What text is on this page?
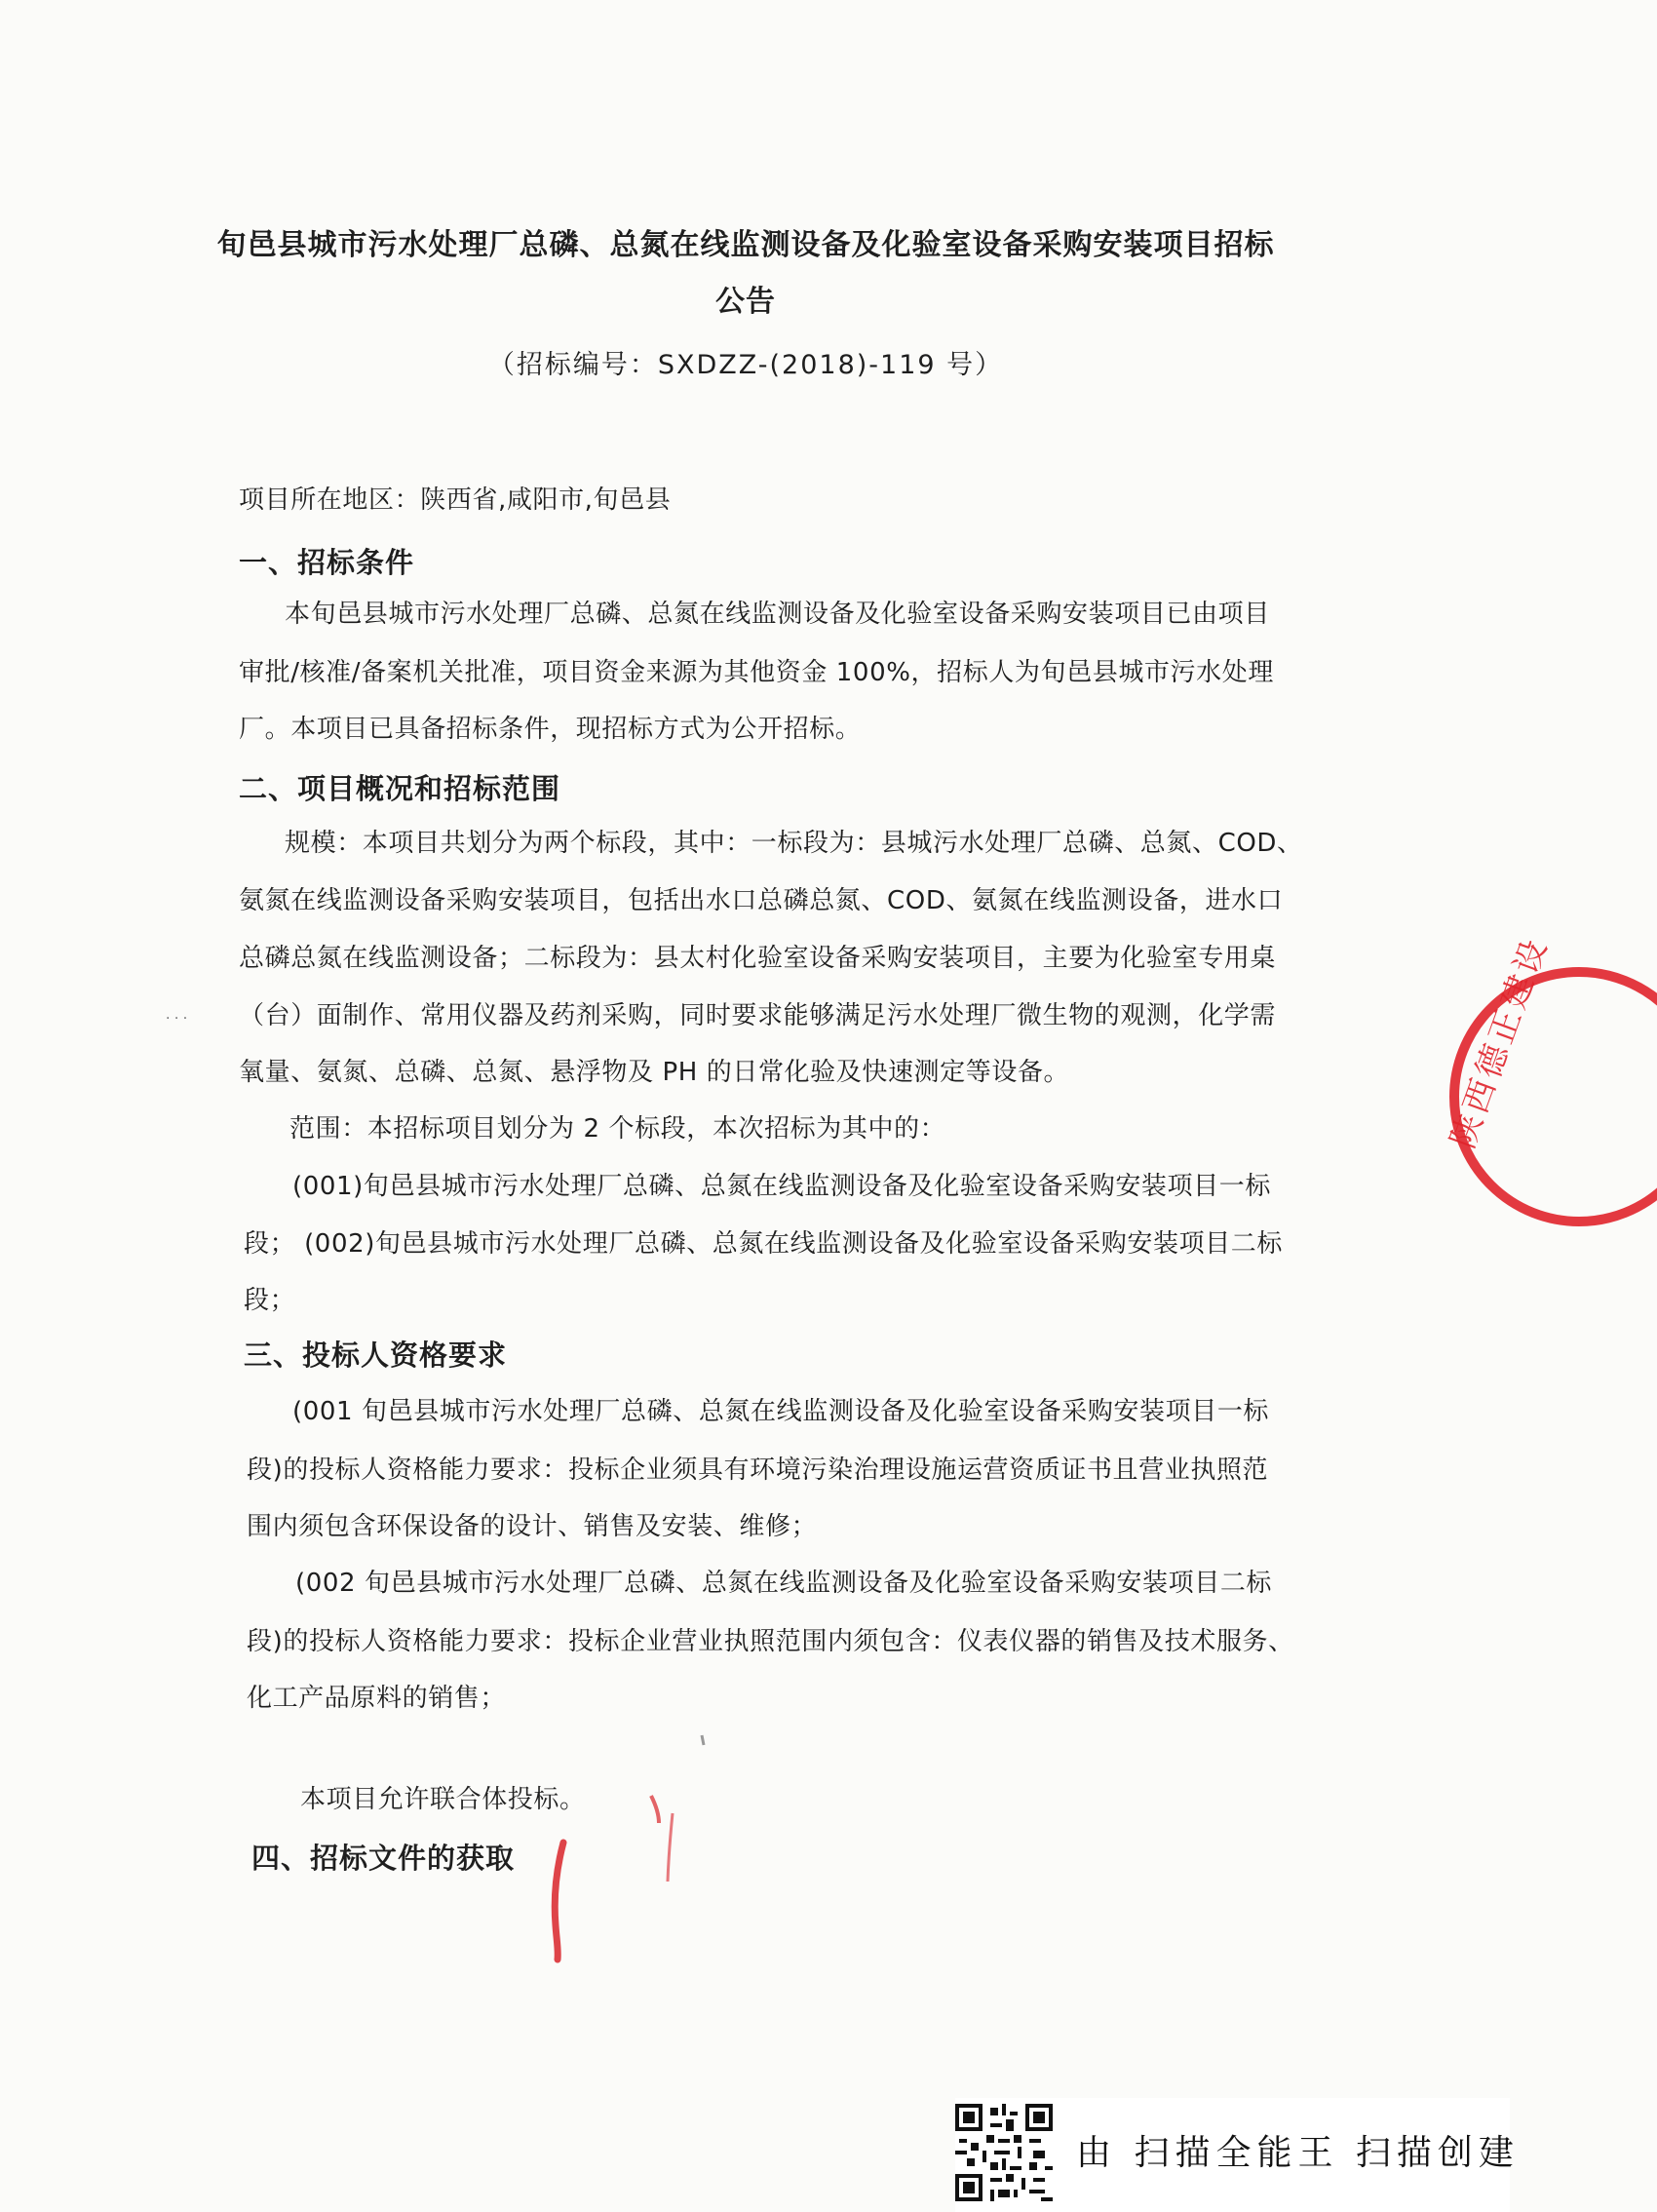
旬邑县城市污水处理厂总磷、总氮在线监测设备及化验室设备采购安装项目招标
公告
（招标编号：SXDZZ-(2018)-119 号）
项目所在地区：陕西省,咸阳市,旬邑县
一、招标条件
本旬邑县城市污水处理厂总磷、总氮在线监测设备及化验室设备采购安装项目已由项目
审批/核准/备案机关批准，项目资金来源为其他资金 100%，招标人为旬邑县城市污水处理
厂。本项目已具备招标条件，现招标方式为公开招标。
二、项目概况和招标范围
规模：本项目共划分为两个标段，其中：一标段为：县城污水处理厂总磷、总氮、COD、
氨氮在线监测设备采购安装项目，包括出水口总磷总氮、COD、氨氮在线监测设备，进水口
总磷总氮在线监测设备；二标段为：县太村化验室设备采购安装项目，主要为化验室专用桌
（台）面制作、常用仪器及药剂采购，同时要求能够满足污水处理厂微生物的观测，化学需
氧量、氨氮、总磷、总氮、悬浮物及 PH 的日常化验及快速测定等设备。
范围：本招标项目划分为 2 个标段，本次招标为其中的：
(001)旬邑县城市污水处理厂总磷、总氮在线监测设备及化验室设备采购安装项目一标
段； (002)旬邑县城市污水处理厂总磷、总氮在线监测设备及化验室设备采购安装项目二标
段；
三、投标人资格要求
(001 旬邑县城市污水处理厂总磷、总氮在线监测设备及化验室设备采购安装项目一标
段)的投标人资格能力要求：投标企业须具有环境污染治理设施运营资质证书且营业执照范
围内须包含环保设备的设计、销售及安装、维修；
(002 旬邑县城市污水处理厂总磷、总氮在线监测设备及化验室设备采购安装项目二标
段)的投标人资格能力要求：投标企业营业执照范围内须包含：仪表仪器的销售及技术服务、
化工产品原料的销售；
本项目允许联合体投标。
四、招标文件的获取
· · ·	陕西德正建设
由 扫描全能王 扫描创建
